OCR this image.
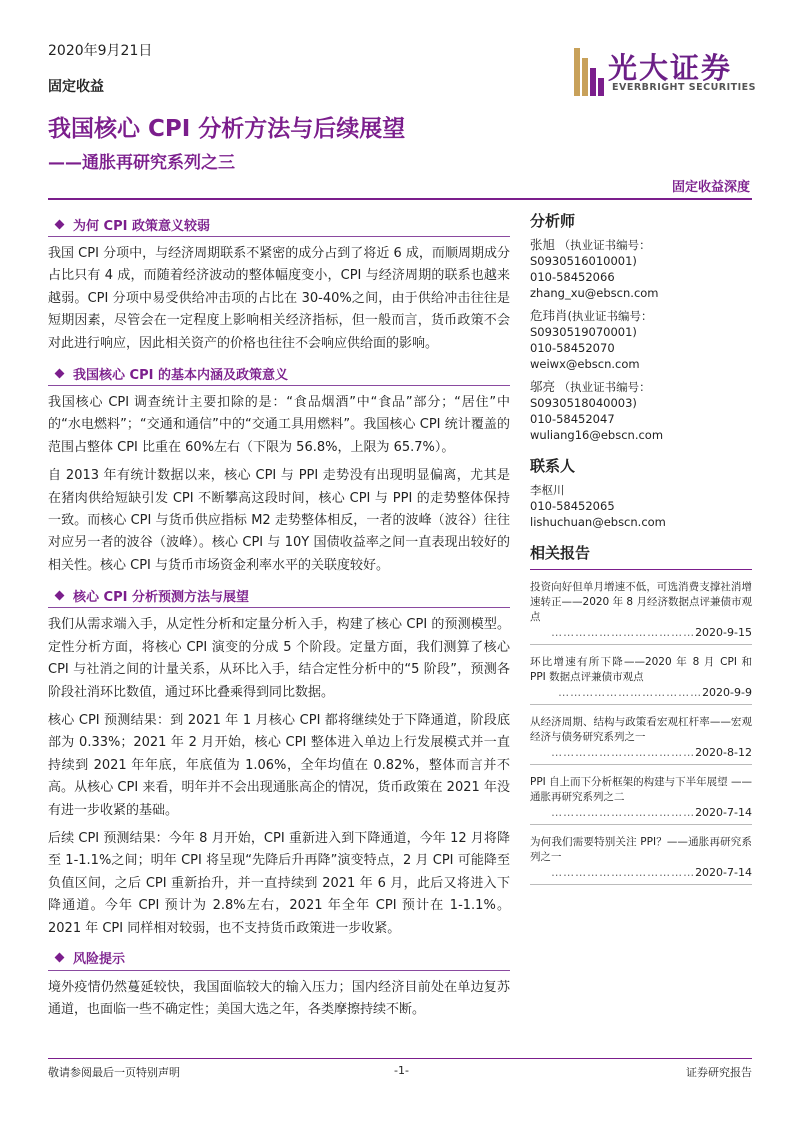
2020年9月21日
固定收益
光大证券
EVERBRIGHT SECURITIES
我国核心 CPI 分析方法与后续展望
——通胀再研究系列之三
固定收益深度
为何 CPI 政策意义较弱

我国 CPI 分项中，与经济周期联系不紧密的成分占到了将近 6 成，而顺周期成分占比只有 4 成，而随着经济波动的整体幅度变小，CPI 与经济周期的联系也越来越弱。CPI 分项中易受供给冲击项的占比在 30-40%之间，由于供给冲击往往是短期因素，尽管会在一定程度上影响相关经济指标，但一般而言，货币政策不会对此进行响应，因此相关资产的价格也往往不会响应供给面的影响。

我国核心 CPI 的基本内涵及政策意义

我国核心 CPI 调查统计主要扣除的是：“食品烟酒”中“食品”部分；“居住”中的“水电燃料”；“交通和通信”中的“交通工具用燃料”。我国核心 CPI 统计覆盖的范围占整体 CPI 比重在 60%左右（下限为 56.8%，上限为 65.7%）。

自 2013 年有统计数据以来，核心 CPI 与 PPI 走势没有出现明显偏离，尤其是在猪肉供给短缺引发 CPI 不断攀高这段时间，核心 CPI 与 PPI 的走势整体保持一致。而核心 CPI 与货币供应指标 M2 走势整体相反，一者的波峰（波谷）往往对应另一者的波谷（波峰）。核心 CPI 与 10Y 国债收益率之间一直表现出较好的相关性。核心 CPI 与货币市场资金利率水平的关联度较好。

核心 CPI 分析预测方法与展望

我们从需求端入手，从定性分析和定量分析入手，构建了核心 CPI 的预测模型。定性分析方面，将核心 CPI 演变的分成 5 个阶段。定量方面，我们测算了核心 CPI 与社消之间的计量关系，从环比入手，结合定性分析中的“5 阶段”，预测各阶段社消环比数值，通过环比叠乘得到同比数据。

核心 CPI 预测结果：到 2021 年 1 月核心 CPI 都将继续处于下降通道，阶段底部为 0.33%；2021 年 2 月开始，核心 CPI 整体进入单边上行发展模式并一直持续到 2021 年年底，年底值为 1.06%，全年均值在 0.82%，整体而言并不高。从核心 CPI 来看，明年并不会出现通胀高企的情况，货币政策在 2021 年没有进一步收紧的基础。

后续 CPI 预测结果：今年 8 月开始，CPI 重新进入到下降通道，今年 12 月将降至 1-1.1%之间；明年 CPI 将呈现“先降后升再降”演变特点，2 月 CPI 可能降至负值区间，之后 CPI 重新抬升，并一直持续到 2021 年 6 月，此后又将进入下降通道。今年 CPI 预计为 2.8%左右，2021 年全年 CPI 预计在 1-1.1%。2021 年 CPI 同样相对较弱，也不支持货币政策进一步收紧。

风险提示

境外疫情仍然蔓延较快，我国面临较大的输入压力；国内经济目前处在单边复苏通道，也面临一些不确定性；美国大选之年，各类摩擦持续不断。

分析师
张旭 （执业证书编号：S0930516010001)
010-58452066
zhang_xu@ebscn.com
危玮肖(执业证书编号：S0930519070001)
010-58452070
weiwx@ebscn.com
邬亮 （执业证书编号：S0930518040003)
010-58452047
wuliang16@ebscn.com
联系人
李枢川
010-58452065
lishuchuan@ebscn.com
相关报告
投资向好但单月增速不低，可选消费支撑社消增速转正——2020 年 8 月经济数据点评兼债市观点
………………………………2020-9-15
环比增速有所下降——2020 年 8 月 CPI 和 PPI 数据点评兼债市观点
………………………………2020-9-9
从经济周期、结构与政策看宏观杠杆率——宏观经济与债务研究系列之一
………………………………2020-8-12
PPI 自上而下分析框架的构建与下半年展望 ——通胀再研究系列之二
………………………………2020-7-14
为何我们需要特别关注 PPI？——通胀再研究系列之一
………………………………2020-7-14
敬请参阅最后一页特别声明	-1-	证券研究报告
